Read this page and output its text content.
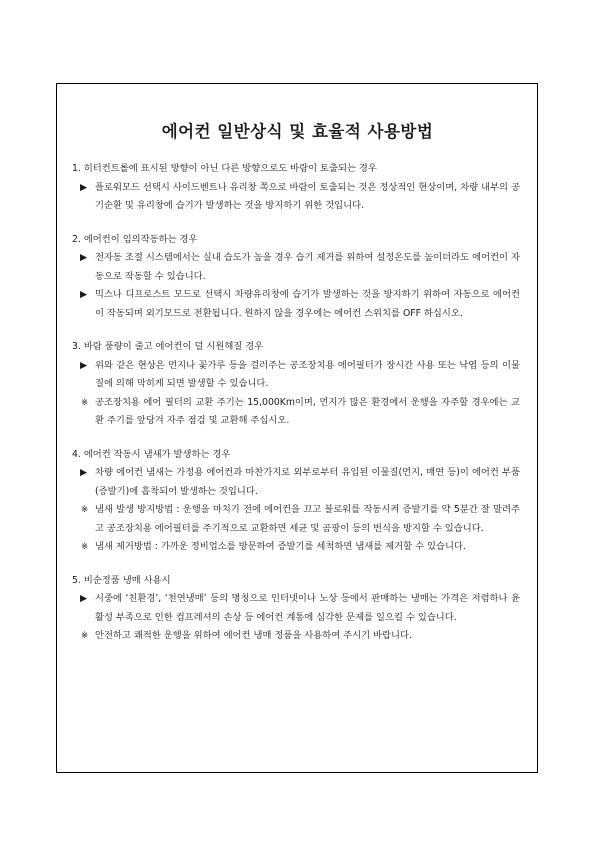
에어컨 일반상식 및 효율적 사용방법
1. 히터컨트롤에 표시된 방향이 아닌 다른 방향으로도 바람이 토출되는 경우
▶ 플로워모드 선택시 사이드벤트나 유리창 쪽으로 바람이 토출되는 것은 정상적인 현상이며, 차량 내부의 공기순환 및 유리창에 습기가 발생하는 것을 방지하기 위한 것입니다.
2. 에어컨이 임의작동하는 경우
▶ 전자동 조절 시스템에서는 실내 습도가 높을 경우 습기 제거를 위하여 설정온도를 높이더라도 에어컨이 자동으로 작동할 수 있습니다.
▶ 믹스나 디프로스트 모드로 선택시 차량유리창에 습기가 발생하는 것을 방지하기 위하여 자동으로 에어컨이 작동되며 외기모드로 전환됩니다. 원하지 않을 경우에는 에어컨 스위치를 OFF 하십시오.
3. 바람 풍량이 줄고 에어컨이 덜 시원해질 경우
▶ 위와 같은 현상은 먼지나 꽃가루 등을 걸러주는 공조장치용 에어필터가 장시간 사용 또는 낙엽 등의 이물질에 의해 막히게 되면 발생할 수 있습니다.
※ 공조장치용 에어 필터의 교환 주기는 15,000Km이며, 먼지가 많은 환경에서 운행을 자주할 경우에는 교환 주기를 앞당겨 자주 점검 및 교환해 주십시오.
4. 에어컨 작동시 냄새가 발생하는 경우
▶ 차량 에어컨 냄새는 가정용 에어컨과 마찬가지로 외부로부터 유입된 이물질(먼지, 매연 등)이 에어컨 부품(증발기)에 흡착되어 발생하는 것입니다.
※ 냄새 발생 방지방법 : 운행을 마치기 전에 에어컨을 끄고 블로워를 작동시켜 증발기를 약 5분간 잘 말려주고 공조장치용 에어필터를 주기적으로 교환하면 세균 및 곰팡이 등의 번식을 방지할 수 있습니다.
※ 냄새 제거방법 : 가까운 정비업소를 방문하여 증발기를 세척하면 냄새를 제거할 수 있습니다.
5. 비순정품 냉매 사용시
▶ 시중에 ‘친환경’, ‘천연냉매’ 등의 명칭으로 인터넷이나 노상 등에서 판매하는 냉매는 가격은 저렴하나 윤활성 부족으로 인한 컴프레셔의 손상 등 에어컨 계통에 심각한 문제를 일으킬 수 있습니다.
※ 안전하고 쾌적한 운행을 위하여 에어컨 냉매 정품을 사용하여 주시기 바랍니다.
